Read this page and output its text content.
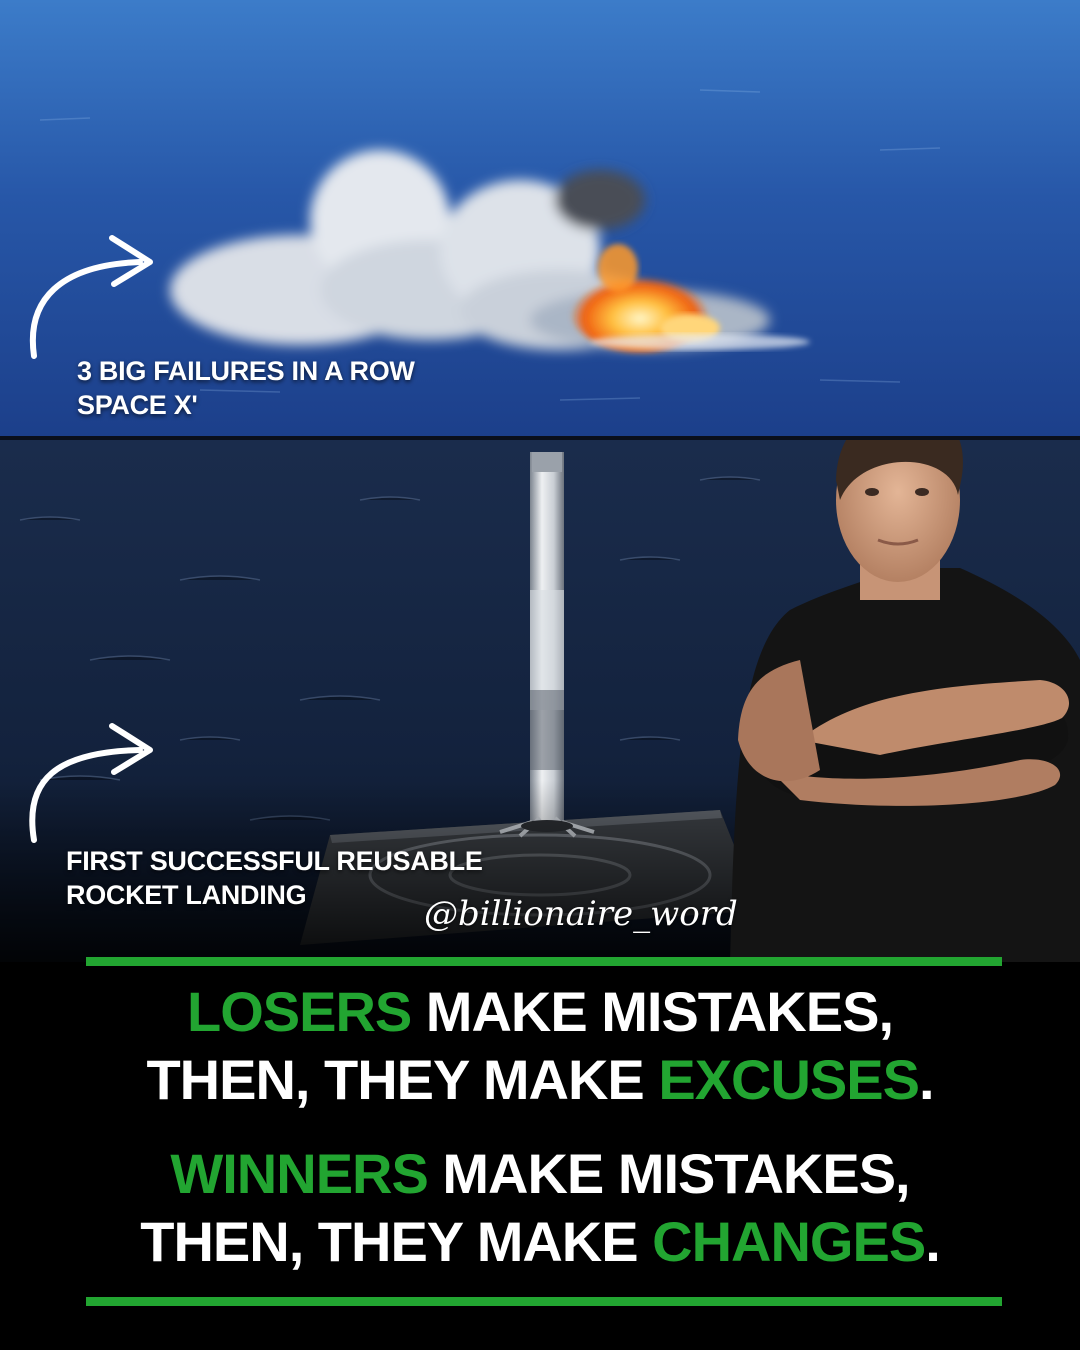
3 BIG FAILURES IN A ROW
SPACE X'
FIRST SUCCESSFUL REUSABLE
ROCKET LANDING	@billionaire_word
LOSERS MAKE MISTAKES,
THEN, THEY MAKE EXCUSES.
WINNERS MAKE MISTAKES,
THEN, THEY MAKE CHANGES.
